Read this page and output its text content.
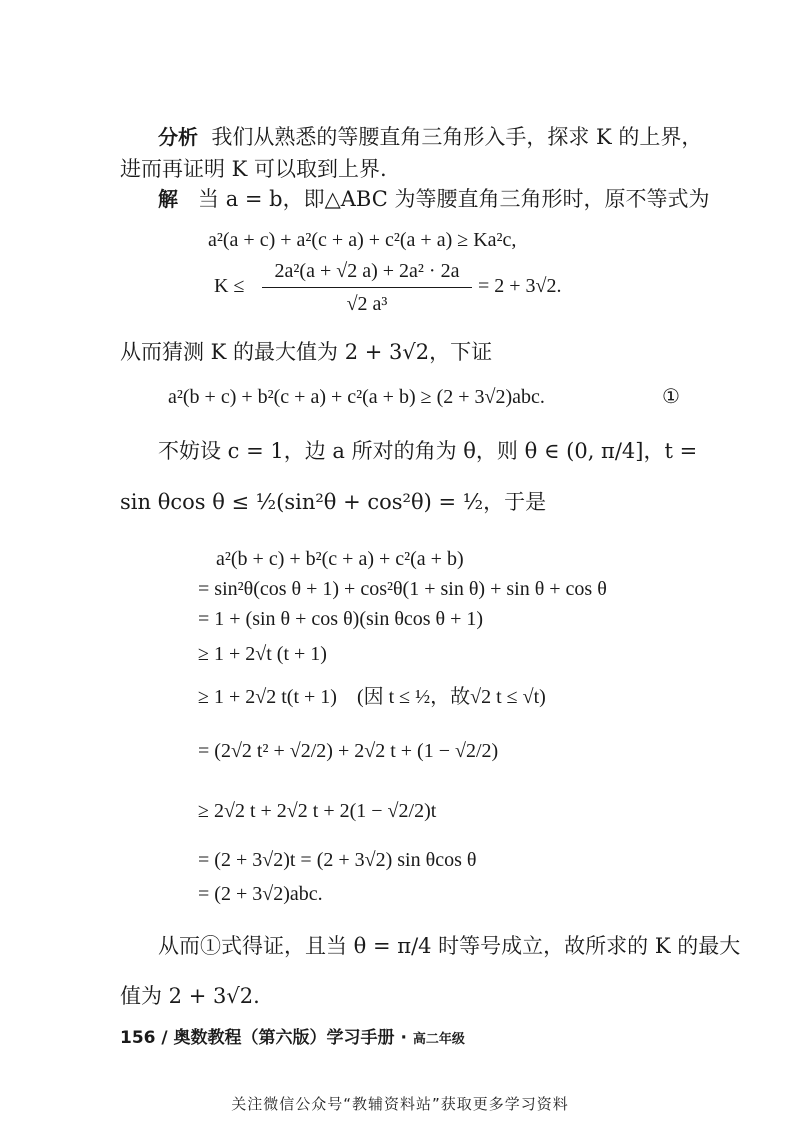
分析 我们从熟悉的等腰直角三角形入手，探求 K 的上界，
进而再证明 K 可以取到上界.
解 当 a = b，即△ABC 为等腰直角三角形时，原不等式为
a²(a + c) + a²(c + a) + c²(a + a) ≥ Ka²c,
K ≤
2a²(a + √2 a) + 2a² · 2a
√2 a³
= 2 + 3√2.
从而猜测 K 的最大值为 2 + 3√2，下证
a²(b + c) + b²(c + a) + c²(a + b) ≥ (2 + 3√2)abc.	①
不妨设 c = 1，边 a 所对的角为 θ，则 θ ∈ (0, π/4]，t =
sin θcos θ ≤ ½(sin²θ + cos²θ) = ½，于是
a²(b + c) + b²(c + a) + c²(a + b)
= sin²θ(cos θ + 1) + cos²θ(1 + sin θ) + sin θ + cos θ
= 1 + (sin θ + cos θ)(sin θcos θ + 1)
≥ 1 + 2√t (t + 1)
≥ 1 + 2√2 t(t + 1)　(因 t ≤ ½，故√2 t ≤ √t)
= (2√2 t² + √2/2) + 2√2 t + (1 − √2/2)
≥ 2√2 t + 2√2 t + 2(1 − √2/2)t
= (2 + 3√2)t = (2 + 3√2) sin θcos θ
= (2 + 3√2)abc.
从而①式得证，且当 θ = π/4 时等号成立，故所求的 K 的最大
值为 2 + 3√2.
156 / 奥数教程（第六版）学习手册 · 高二年级
关注微信公众号“教辅资料站”获取更多学习资料
